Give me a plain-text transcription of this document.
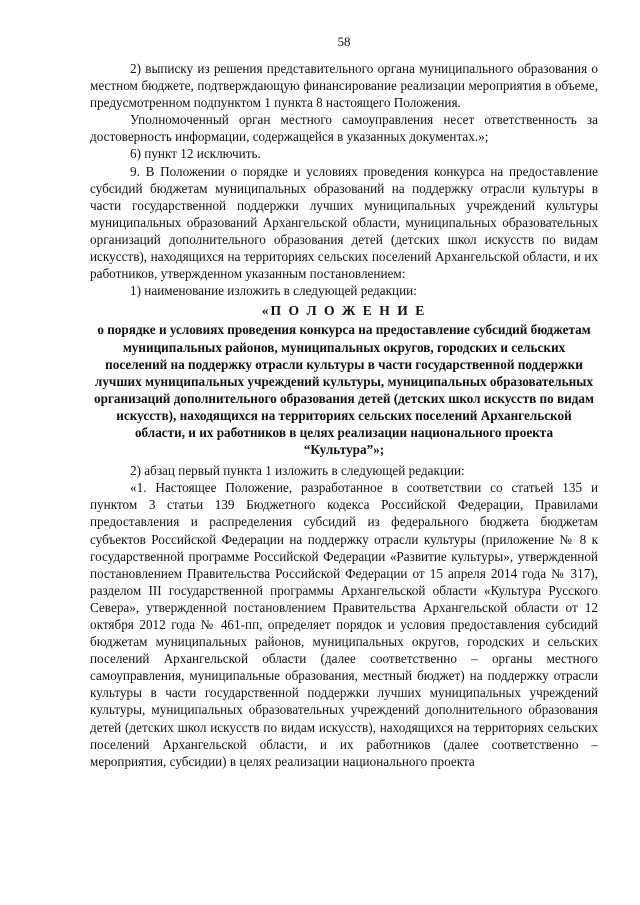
58

2) выписку из решения представительного органа муниципального образования о местном бюджете, подтверждающую финансирование реализации мероприятия в объеме, предусмотренном подпунктом 1 пункта 8 настоящего Положения.

Уполномоченный орган местного самоуправления несет ответственность за достоверность информации, содержащейся в указанных документах.»;

6) пункт 12 исключить.

9. В Положении о порядке и условиях проведения конкурса на предоставление субсидий бюджетам муниципальных образований на поддержку отрасли культуры в части государственной поддержки лучших муниципальных учреждений культуры муниципальных образований Архангельской области, муниципальных образовательных организаций дополнительного образования детей (детских школ искусств по видам искусств), находящихся на территориях сельских поселений Архангельской области, и их работников, утвержденном указанным постановлением:

1) наименование изложить в следующей редакции:

«П О Л О Ж Е Н И Е
о порядке и условиях проведения конкурса на предоставление субсидий бюджетам муниципальных районов, муниципальных округов, городских и сельских поселений на поддержку отрасли культуры в части государственной поддержки лучших муниципальных учреждений культуры, муниципальных образовательных организаций дополнительного образования детей (детских школ искусств по видам искусств), находящихся на территориях сельских поселений Архангельской области, и их работников в целях реализации национального проекта “Культура”»;

2) абзац первый пункта 1 изложить в следующей редакции:

«1. Настоящее Положение, разработанное в соответствии со статьей 135 и пунктом 3 статьи 139 Бюджетного кодекса Российской Федерации, Правилами предоставления и распределения субсидий из федерального бюджета бюджетам субъектов Российской Федерации на поддержку отрасли культуры (приложение № 8 к государственной программе Российской Федерации «Развитие культуры», утвержденной постановлением Правительства Российской Федерации от 15 апреля 2014 года № 317), разделом III государственной программы Архангельской области «Культура Русского Севера», утвержденной постановлением Правительства Архангельской области от 12 октября 2012 года № 461-пп, определяет порядок и условия предоставления субсидий бюджетам муниципальных районов, муниципальных округов, городских и сельских поселений Архангельской области (далее соответственно – органы местного самоуправления, муниципальные образования, местный бюджет) на поддержку отрасли культуры в части государственной поддержки лучших муниципальных учреждений культуры, муниципальных образовательных учреждений дополнительного образования детей (детских школ искусств по видам искусств), находящихся на территориях сельских поселений Архангельской области, и их работников (далее соответственно – мероприятия, субсидии) в целях реализации национального проекта
